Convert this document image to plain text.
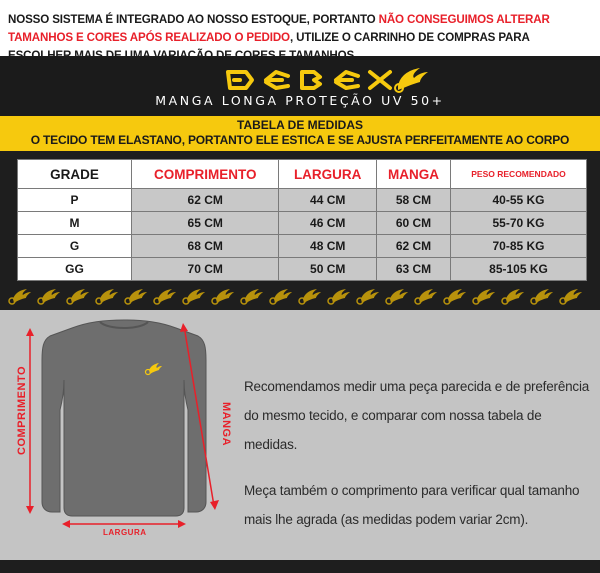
NOSSO SISTEMA É INTEGRADO AO NOSSO ESTOQUE, PORTANTO NÃO CONSEGUIMOS ALTERAR TAMANHOS E CORES APÓS REALIZADO O PEDIDO, UTILIZE O CARRINHO DE COMPRAS PARA
MANGA LONGA PROTEÇÃO UV 50+
TABELA DE MEDIDAS
O TECIDO TEM ELASTANO, PORTANTO ELE ESTICA E SE AJUSTA PERFEITAMENTE AO CORPO
GRADE	COMPRIMENTO	LARGURA	MANGA	PESO RECOMENDADO
P	62 CM	44 CM	58 CM	40-55 KG
M	65 CM	46 CM	60 CM	55-70 KG
G	68 CM	48 CM	62 CM	70-85 KG
GG	70 CM	50 CM	63 CM	85-105 KG
COMPRIMENTO	MANGA
LARGURA

Recomendamos medir uma peça parecida e de preferência do mesmo tecido, e comparar com nossa tabela de medidas.

Meça também o comprimento para verificar qual tamanho mais lhe agrada (as medidas podem variar 2cm).
